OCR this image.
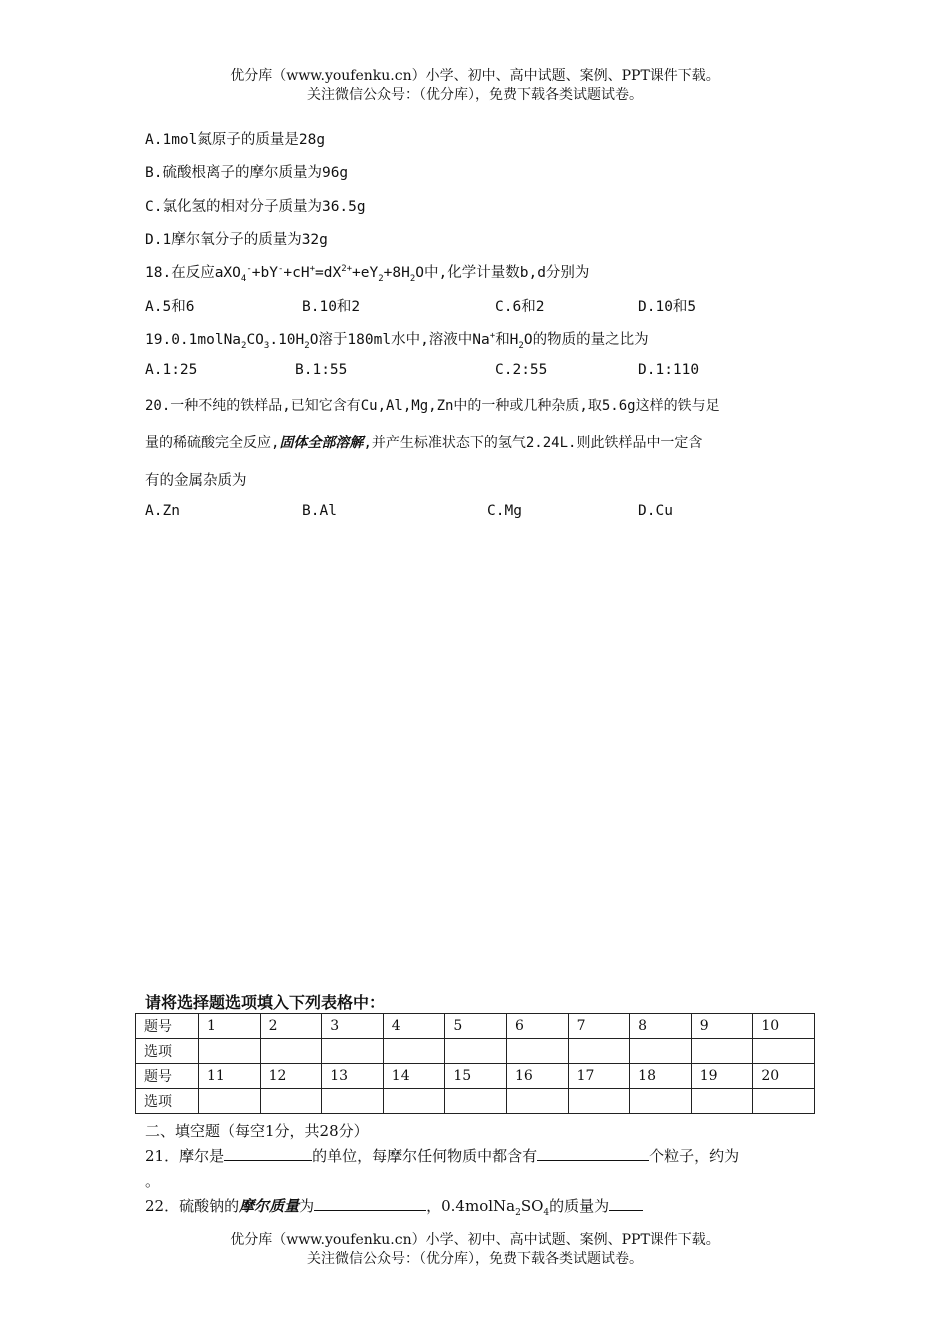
优分库（www.youfenku.cn）小学、初中、高中试题、案例、PPT课件下载。
关注微信公众号：（优分库），免费下载各类试题试卷。
A.1mol氮原子的质量是28g
B.硫酸根离子的摩尔质量为96g
C.氯化氢的相对分子质量为36.5g
D.1摩尔氧分子的质量为32g
18.在反应$aXO_4^-+bY^-+cH^+=dX^{2+}+eY_2+8H_2O$中,化学计量数b,d分别为
A.5和6	B.10和2	C.6和2	D.10和5
$19.0.1molNa_2CO_3.10H_2O$溶于180ml水中,溶液中Na+和$H_2O$的物质的量之比为
A.1:25	B.1:55	C.2:55	D.1:110
20.一种不纯的铁样品,已知它含有Cu,Al,Mg,Zn中的一种或几种杂质,取5.6g这样的铁与足
量的稀硫酸完全反应,固体全部溶解,并产生标准状态下的氢气2.24L.则此铁样品中一定含
有的金属杂质为
A.Zn	B.Al	C.Mg	D.Cu
请将选择题选项填入下列表格中：
题号	1	2	3	4	5	6	7	8	9	10
选项										
题号	11	12	13	14	15	16	17	18	19	20
选项										
二、填空题（每空1分，共28分）
21．摩尔是	的单位，每摩尔任何物质中都含有	个粒子，约为
。
22．硫酸钠的摩尔质量为	，$0.4molNa_2SO_4$的质量为
优分库（www.youfenku.cn）小学、初中、高中试题、案例、PPT课件下载。
关注微信公众号：（优分库），免费下载各类试题试卷。
